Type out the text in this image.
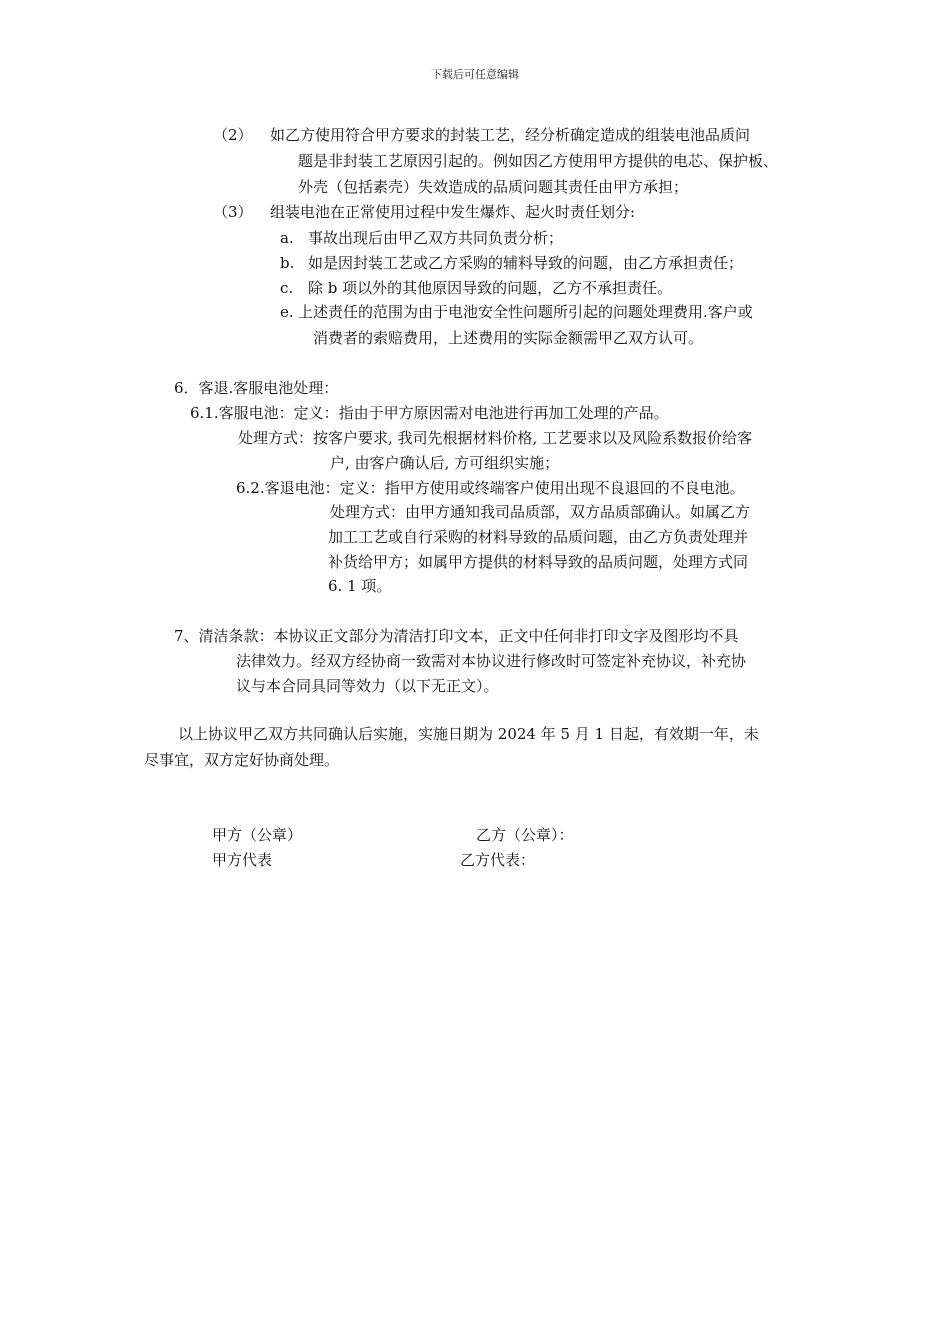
下载后可任意编辑
（2） 如乙方使用符合甲方要求的封装工艺，经分析确定造成的组装电池品质问
题是非封装工艺原因引起的。例如因乙方使用甲方提供的电芯、保护板、
外壳（包括素壳）失效造成的品质问题其责任由甲方承担；
（3） 组装电池在正常使用过程中发生爆炸、起火时责任划分:
a. 事故出现后由甲乙双方共同负责分析；
b. 如是因封装工艺或乙方采购的辅料导致的问题，由乙方承担责任；
c. 除 b 项以外的其他原因导致的问题，乙方不承担责任。
e. 上述责任的范围为由于电池安全性问题所引起的问题处理费用.客户或
消费者的索赔费用，上述费用的实际金额需甲乙双方认可。
6．客退.客服电池处理：
6.1.客服电池：定义：指由于甲方原因需对电池进行再加工处理的产品。
处理方式：按客户要求, 我司先根据材料价格, 工艺要求以及风险系数报价给客
户, 由客户确认后, 方可组织实施；
6.2.客退电池：定义：指甲方使用或终端客户使用出现不良退回的不良电池。
处理方式：由甲方通知我司品质部，双方品质部确认。如属乙方
加工工艺或自行采购的材料导致的品质问题，由乙方负责处理并
补货给甲方；如属甲方提供的材料导致的品质问题，处理方式同
6. 1 项。
7、清洁条款：本协议正文部分为清洁打印文本，正文中任何非打印文字及图形均不具
法律效力。经双方经协商一致需对本协议进行修改时可签定补充协议，补充协
议与本合同具同等效力（以下无正文）。
以上协议甲乙双方共同确认后实施，实施日期为 2024 年 5 月 1 日起，有效期一年，未
尽事宜，双方定好协商处理。
甲方（公章）	乙方（公章）：
甲方代表	乙方代表：
